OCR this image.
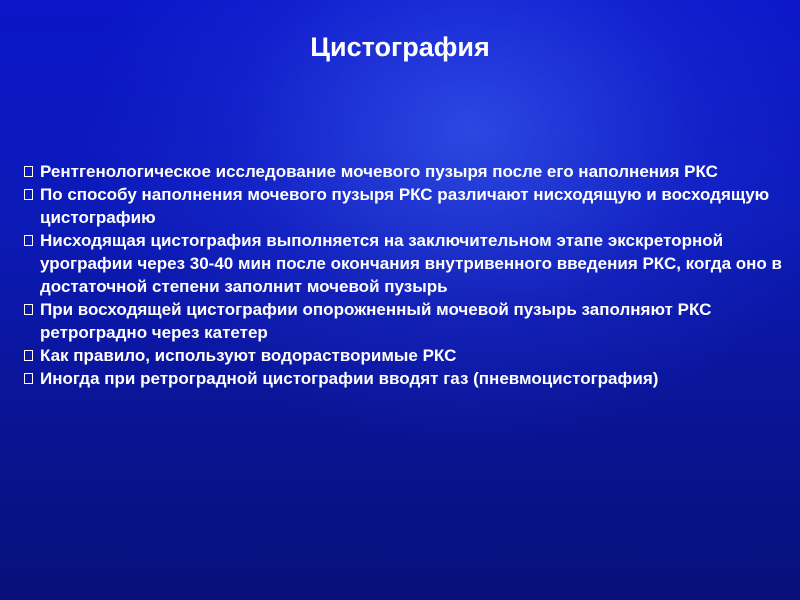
Цистография
Рентгенологическое исследование мочевого пузыря после его наполнения РКС
По способу наполнения мочевого пузыря РКС различают нисходящую и восходящую цистографию
Нисходящая цистография выполняется на заключительном этапе экскреторной урографии через 30-40 мин после окончания внутривенного введения РКС, когда оно в достаточной степени заполнит мочевой пузырь
При восходящей цистографии опорожненный мочевой пузырь заполняют РКС ретроградно через катетер
Как правило, используют водорастворимые РКС
Иногда при ретроградной цистографии вводят газ (пневмоцистография)
